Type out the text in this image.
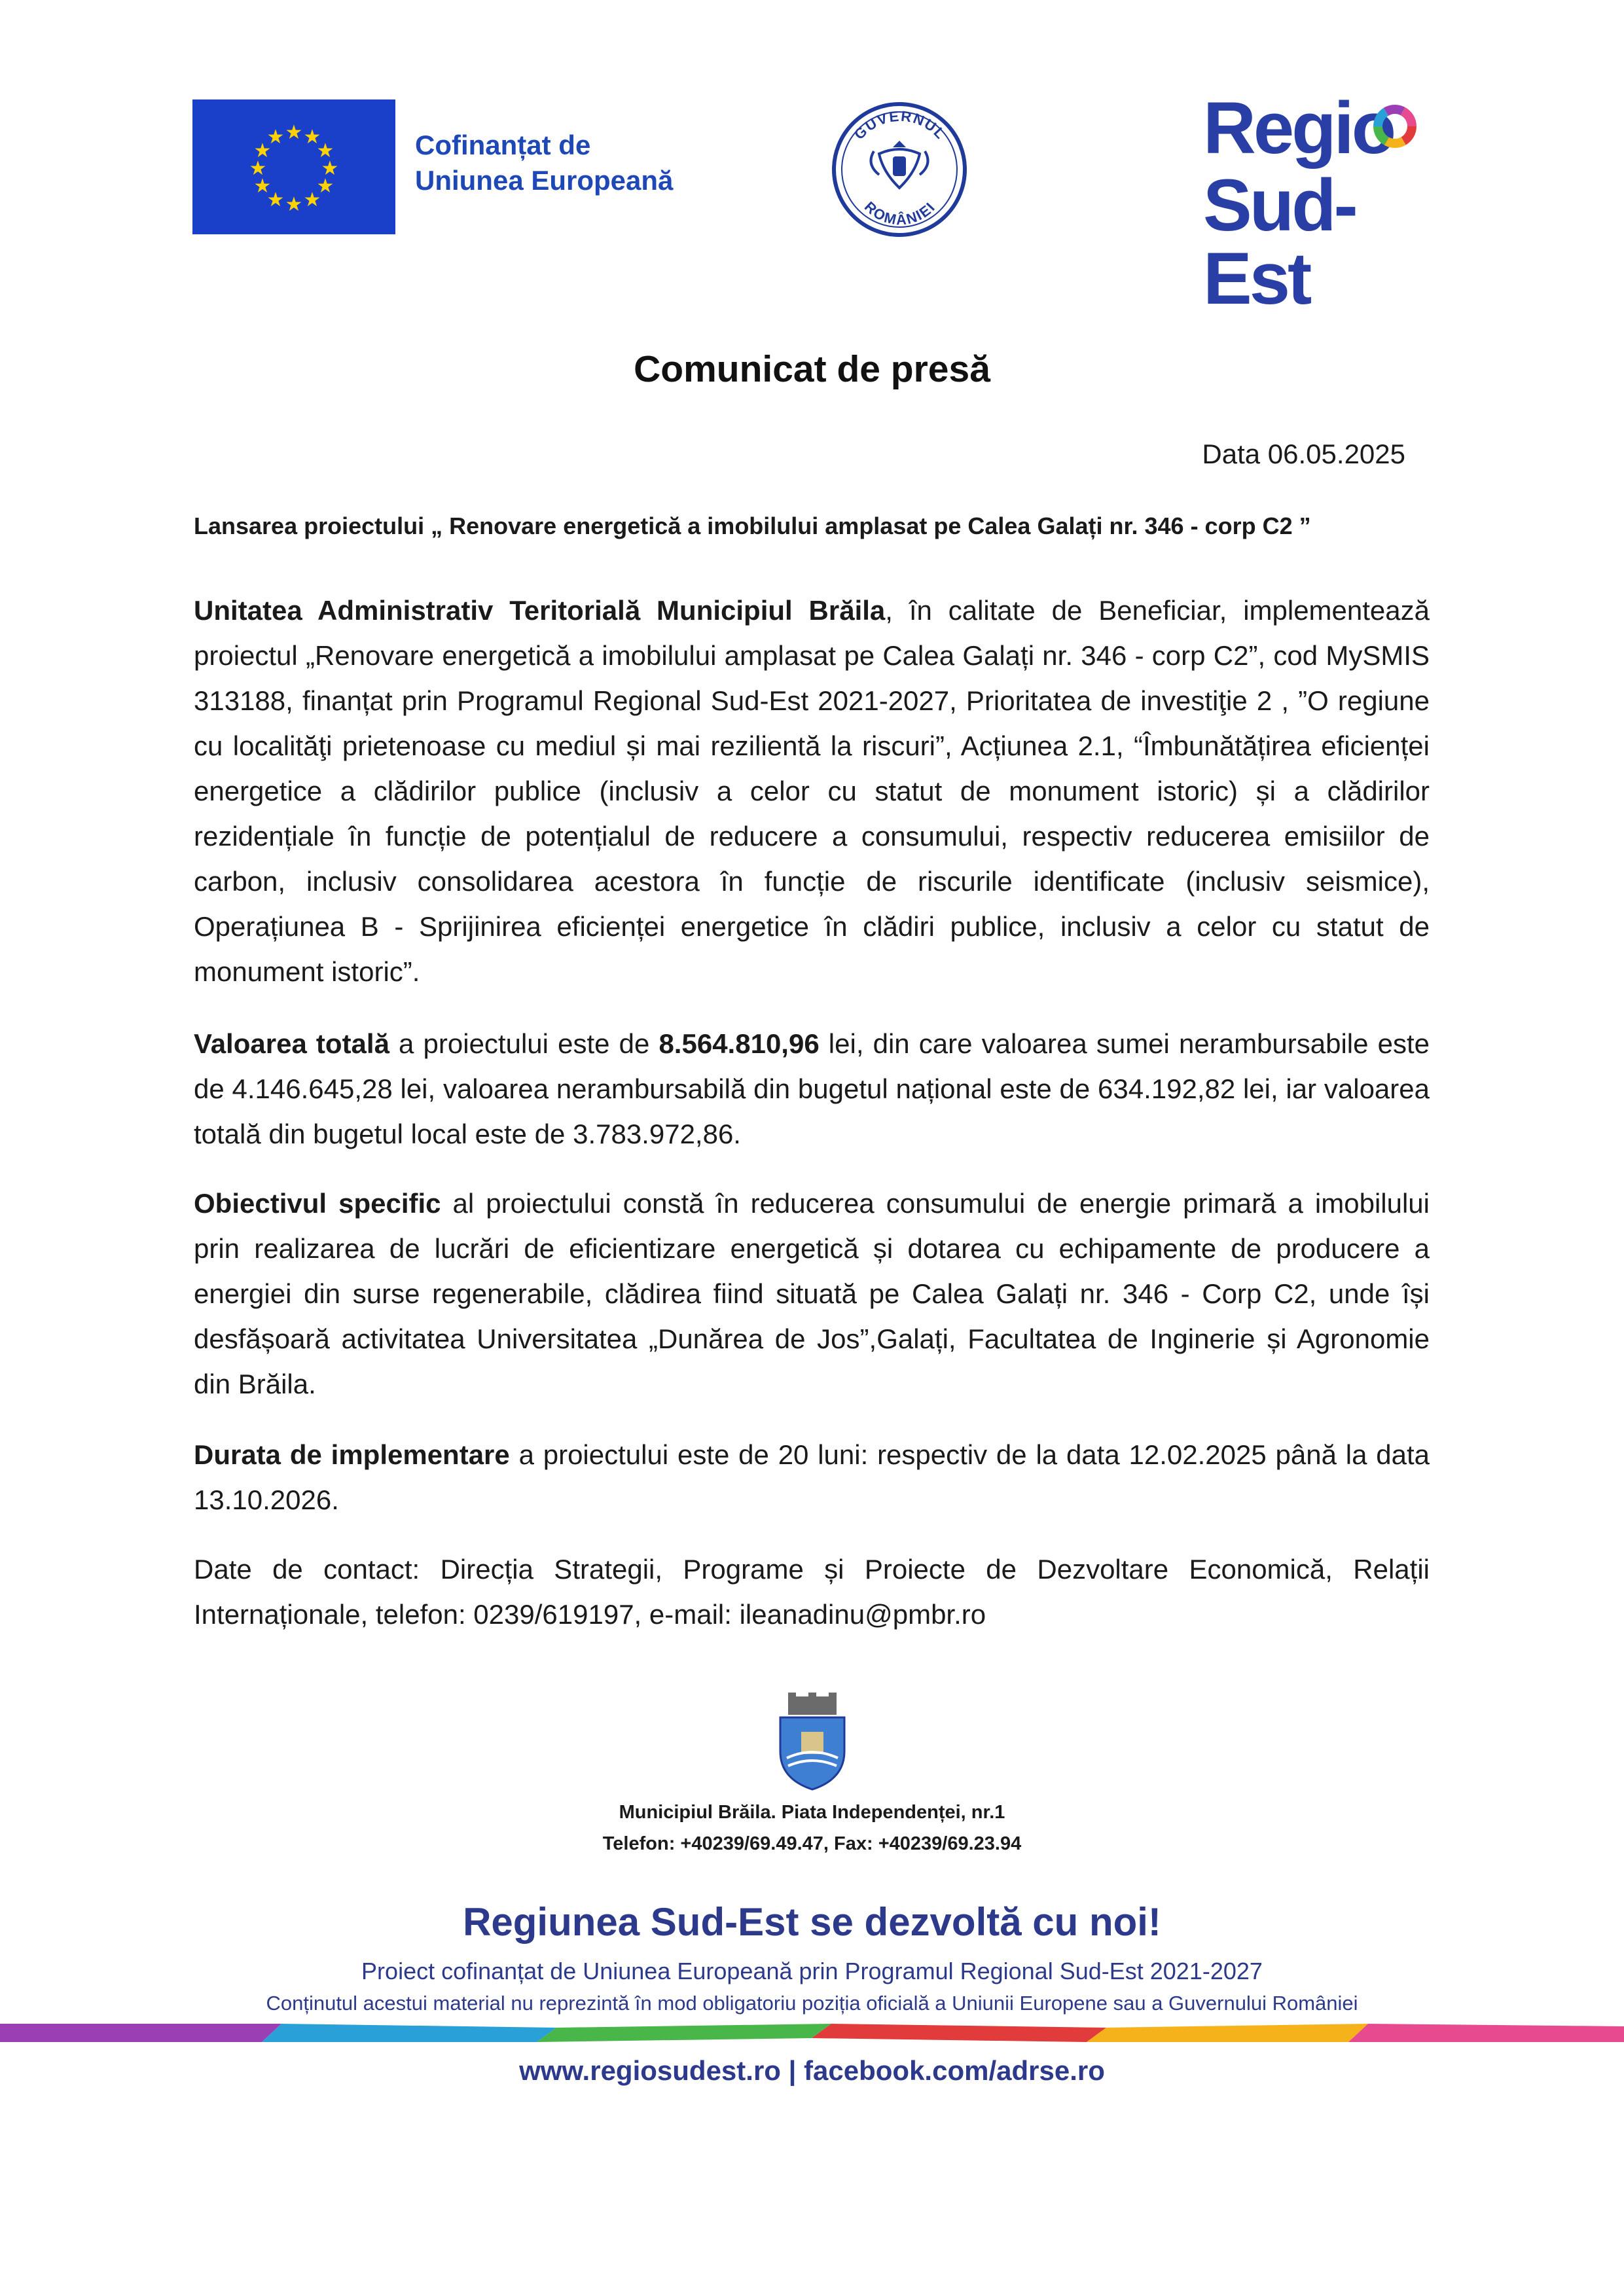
★ ★
★
★
★
★
★
★
★
★
★
★	Cofinanțat de
Uniunea Europeană
GUVERNUL
ROMÂNIEI
Regio
Sud-Est
Comunicat de presă
Data 06.05.2025
Lansarea proiectului „ Renovare energetică a imobilului amplasat pe Calea Galați nr. 346 - corp C2 ”

Unitatea Administrativ Teritorială Municipiul Brăila, în calitate de Beneficiar, implementează proiectul „Renovare energetică a imobilului amplasat pe Calea Galați nr. 346 - corp C2”, cod MySMIS 313188, finanțat prin Programul Regional Sud-Est 2021-2027, Prioritatea de investiţie 2 , ”O regiune cu localităţi prietenoase cu mediul și mai rezilientă la riscuri”, Acțiunea 2.1, “Îmbunătățirea eficienței energetice a clădirilor publice (inclusiv a celor cu statut de monument istoric) și a clădirilor rezidențiale în funcție de potențialul de reducere a consumului, respectiv reducerea emisiilor de carbon, inclusiv consolidarea acestora în funcție de riscurile identificate (inclusiv seismice), Operațiunea B - Sprijinirea eficienței energetice în clădiri publice, inclusiv a celor cu statut de monument istoric”.

Valoarea totală a proiectului este de 8.564.810,96 lei, din care valoarea sumei nerambursabile este de 4.146.645,28 lei, valoarea nerambursabilă din bugetul național este de 634.192,82 lei, iar valoarea totală din bugetul local este de 3.783.972,86.

Obiectivul specific al proiectului constă în reducerea consumului de energie primară a imobilului prin realizarea de lucrări de eficientizare energetică și dotarea cu echipamente de producere a energiei din surse regenerabile, clădirea fiind situată pe Calea Galați nr. 346 - Corp C2, unde își desfășoară activitatea Universitatea „Dunărea de Jos”,Galați, Facultatea de Inginerie și Agronomie din Brăila.

Durata de implementare a proiectului este de 20 luni: respectiv de la data 12.02.2025 până la data 13.10.2026.

Date de contact: Direcția Strategii, Programe și Proiecte de Dezvoltare Economică, Relații Internaționale, telefon: 0239/619197, e-mail: ileanadinu@pmbr.ro

Municipiul Brăila. Piata Independenței, nr.1
Telefon: +40239/69.49.47, Fax: +40239/69.23.94
Regiunea Sud-Est se dezvoltă cu noi!
Proiect cofinanțat de Uniunea Europeană prin Programul Regional Sud-Est 2021-2027
Conținutul acestui material nu reprezintă în mod obligatoriu poziția oficială a Uniunii Europene sau a Guvernului României
www.regiosudest.ro | facebook.com/adrse.ro
